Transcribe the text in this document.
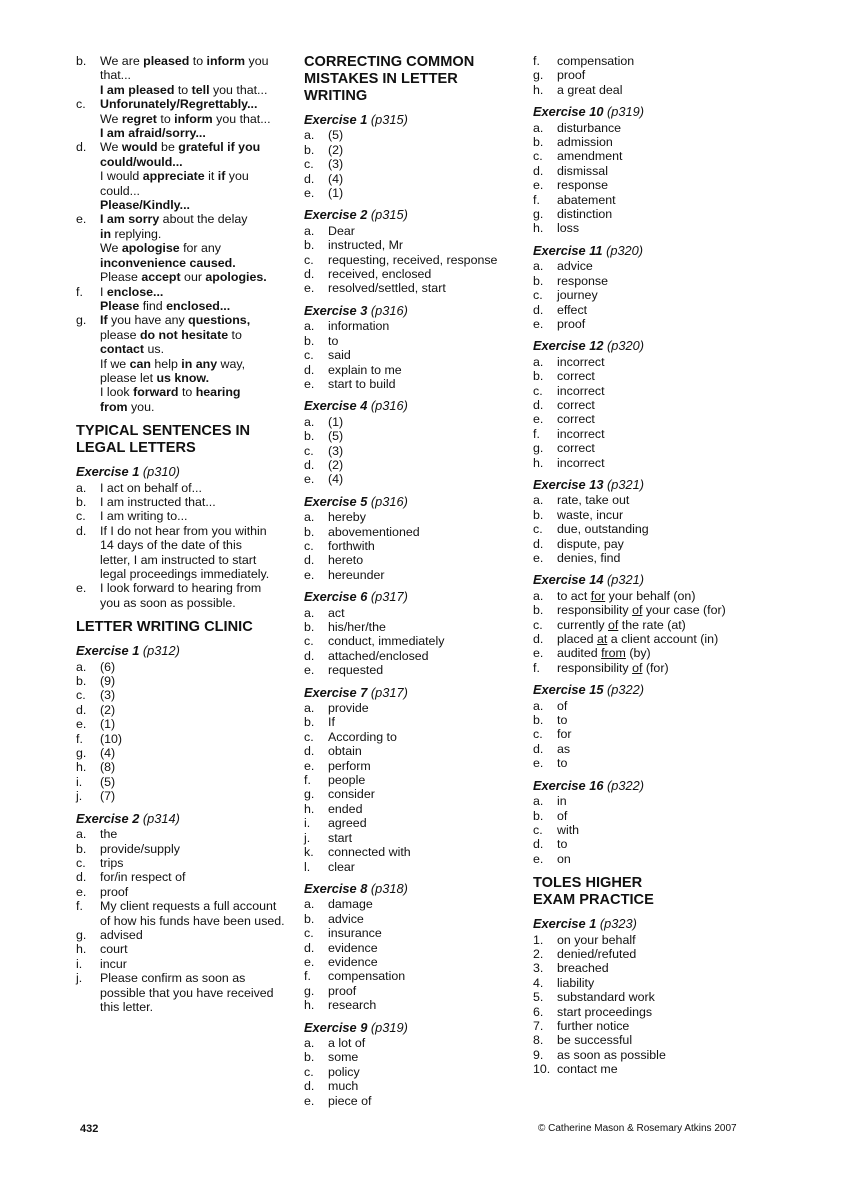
b.	We are pleased to inform you
that...
I am pleased to tell you that...
c.	Unforunately/Regrettably...
We regret to inform you that...
I am afraid/sorry...
d.	We would be grateful if you
could/would...
I would appreciate it if you
could...
Please/Kindly...
e.	I am sorry about the delay
in replying.
We apologise for any
inconvenience caused.
Please accept our apologies.
f.	I enclose...
Please find enclosed...
g.	If you have any questions,
please do not hesitate to
contact us.
If we can help in any way,
please let us know.
I look forward to hearing
from you.
TYPICAL SENTENCES IN
LEGAL LETTERS
Exercise 1 (p310)
a.	I act on behalf of...
b.	I am instructed that...
c.	I am writing to...
d.	If I do not hear from you within
14 days of the date of this
letter, I am instructed to start
legal proceedings immediately.
e.	I look forward to hearing from
you as soon as possible.
LETTER WRITING CLINIC
Exercise 1 (p312)
a.	(6)
b.	(9)
c.	(3)
d.	(2)
e.	(1)
f.	(10)
g.	(4)
h.	(8)
i.	(5)
j.	(7)
Exercise 2 (p314)
a.	the
b.	provide/supply
c.	trips
d.	for/in respect of
e.	proof
f.	My client requests a full account
of how his funds have been used.
g.	advised
h.	court
i.	incur
j.	Please confirm as soon as
possible that you have received
this letter.
CORRECTING COMMON
MISTAKES IN LETTER WRITING
Exercise 1 (p315)
a.	(5)
b.	(2)
c.	(3)
d.	(4)
e.	(1)
Exercise 2 (p315)
a.	Dear
b.	instructed, Mr
c.	requesting, received, response
d.	received, enclosed
e.	resolved/settled, start
Exercise 3 (p316)
a.	information
b.	to
c.	said
d.	explain to me
e.	start to build
Exercise 4 (p316)
a.	(1)
b.	(5)
c.	(3)
d.	(2)
e.	(4)
Exercise 5 (p316)
a.	hereby
b.	abovementioned
c.	forthwith
d.	hereto
e.	hereunder
Exercise 6 (p317)
a.	act
b.	his/her/the
c.	conduct, immediately
d.	attached/enclosed
e.	requested
Exercise 7 (p317)
a.	provide
b.	If
c.	According to
d.	obtain
e.	perform
f.	people
g.	consider
h.	ended
i.	agreed
j.	start
k.	connected with
l.	clear
Exercise 8 (p318)
a.	damage
b.	advice
c.	insurance
d.	evidence
e.	evidence
f.	compensation
g.	proof
h.	research
Exercise 9 (p319)
a.	a lot of
b.	some
c.	policy
d.	much
e.	piece of
f.	compensation
g.	proof
h.	a great deal
Exercise 10 (p319)
a.	disturbance
b.	admission
c.	amendment
d.	dismissal
e.	response
f.	abatement
g.	distinction
h.	loss
Exercise 11 (p320)
a.	advice
b.	response
c.	journey
d.	effect
e.	proof
Exercise 12 (p320)
a.	incorrect
b.	correct
c.	incorrect
d.	correct
e.	correct
f.	incorrect
g.	correct
h.	incorrect
Exercise 13 (p321)
a.	rate, take out
b.	waste, incur
c.	due, outstanding
d.	dispute, pay
e.	denies, find
Exercise 14 (p321)
a.	to act for your behalf (on)
b.	responsibility of your case (for)
c.	currently of the rate (at)
d.	placed at a client account (in)
e.	audited from (by)
f.	responsibility of (for)
Exercise 15 (p322)
a.	of
b.	to
c.	for
d.	as
e.	to
Exercise 16 (p322)
a.	in
b.	of
c.	with
d.	to
e.	on
TOLES HIGHER
EXAM PRACTICE
Exercise 1 (p323)
1.	on your behalf
2.	denied/refuted
3.	breached
4.	liability
5.	substandard work
6.	start proceedings
7.	further notice
8.	be successful
9.	as soon as possible
10. contact me
432	© Catherine Mason & Rosemary Atkins 2007
